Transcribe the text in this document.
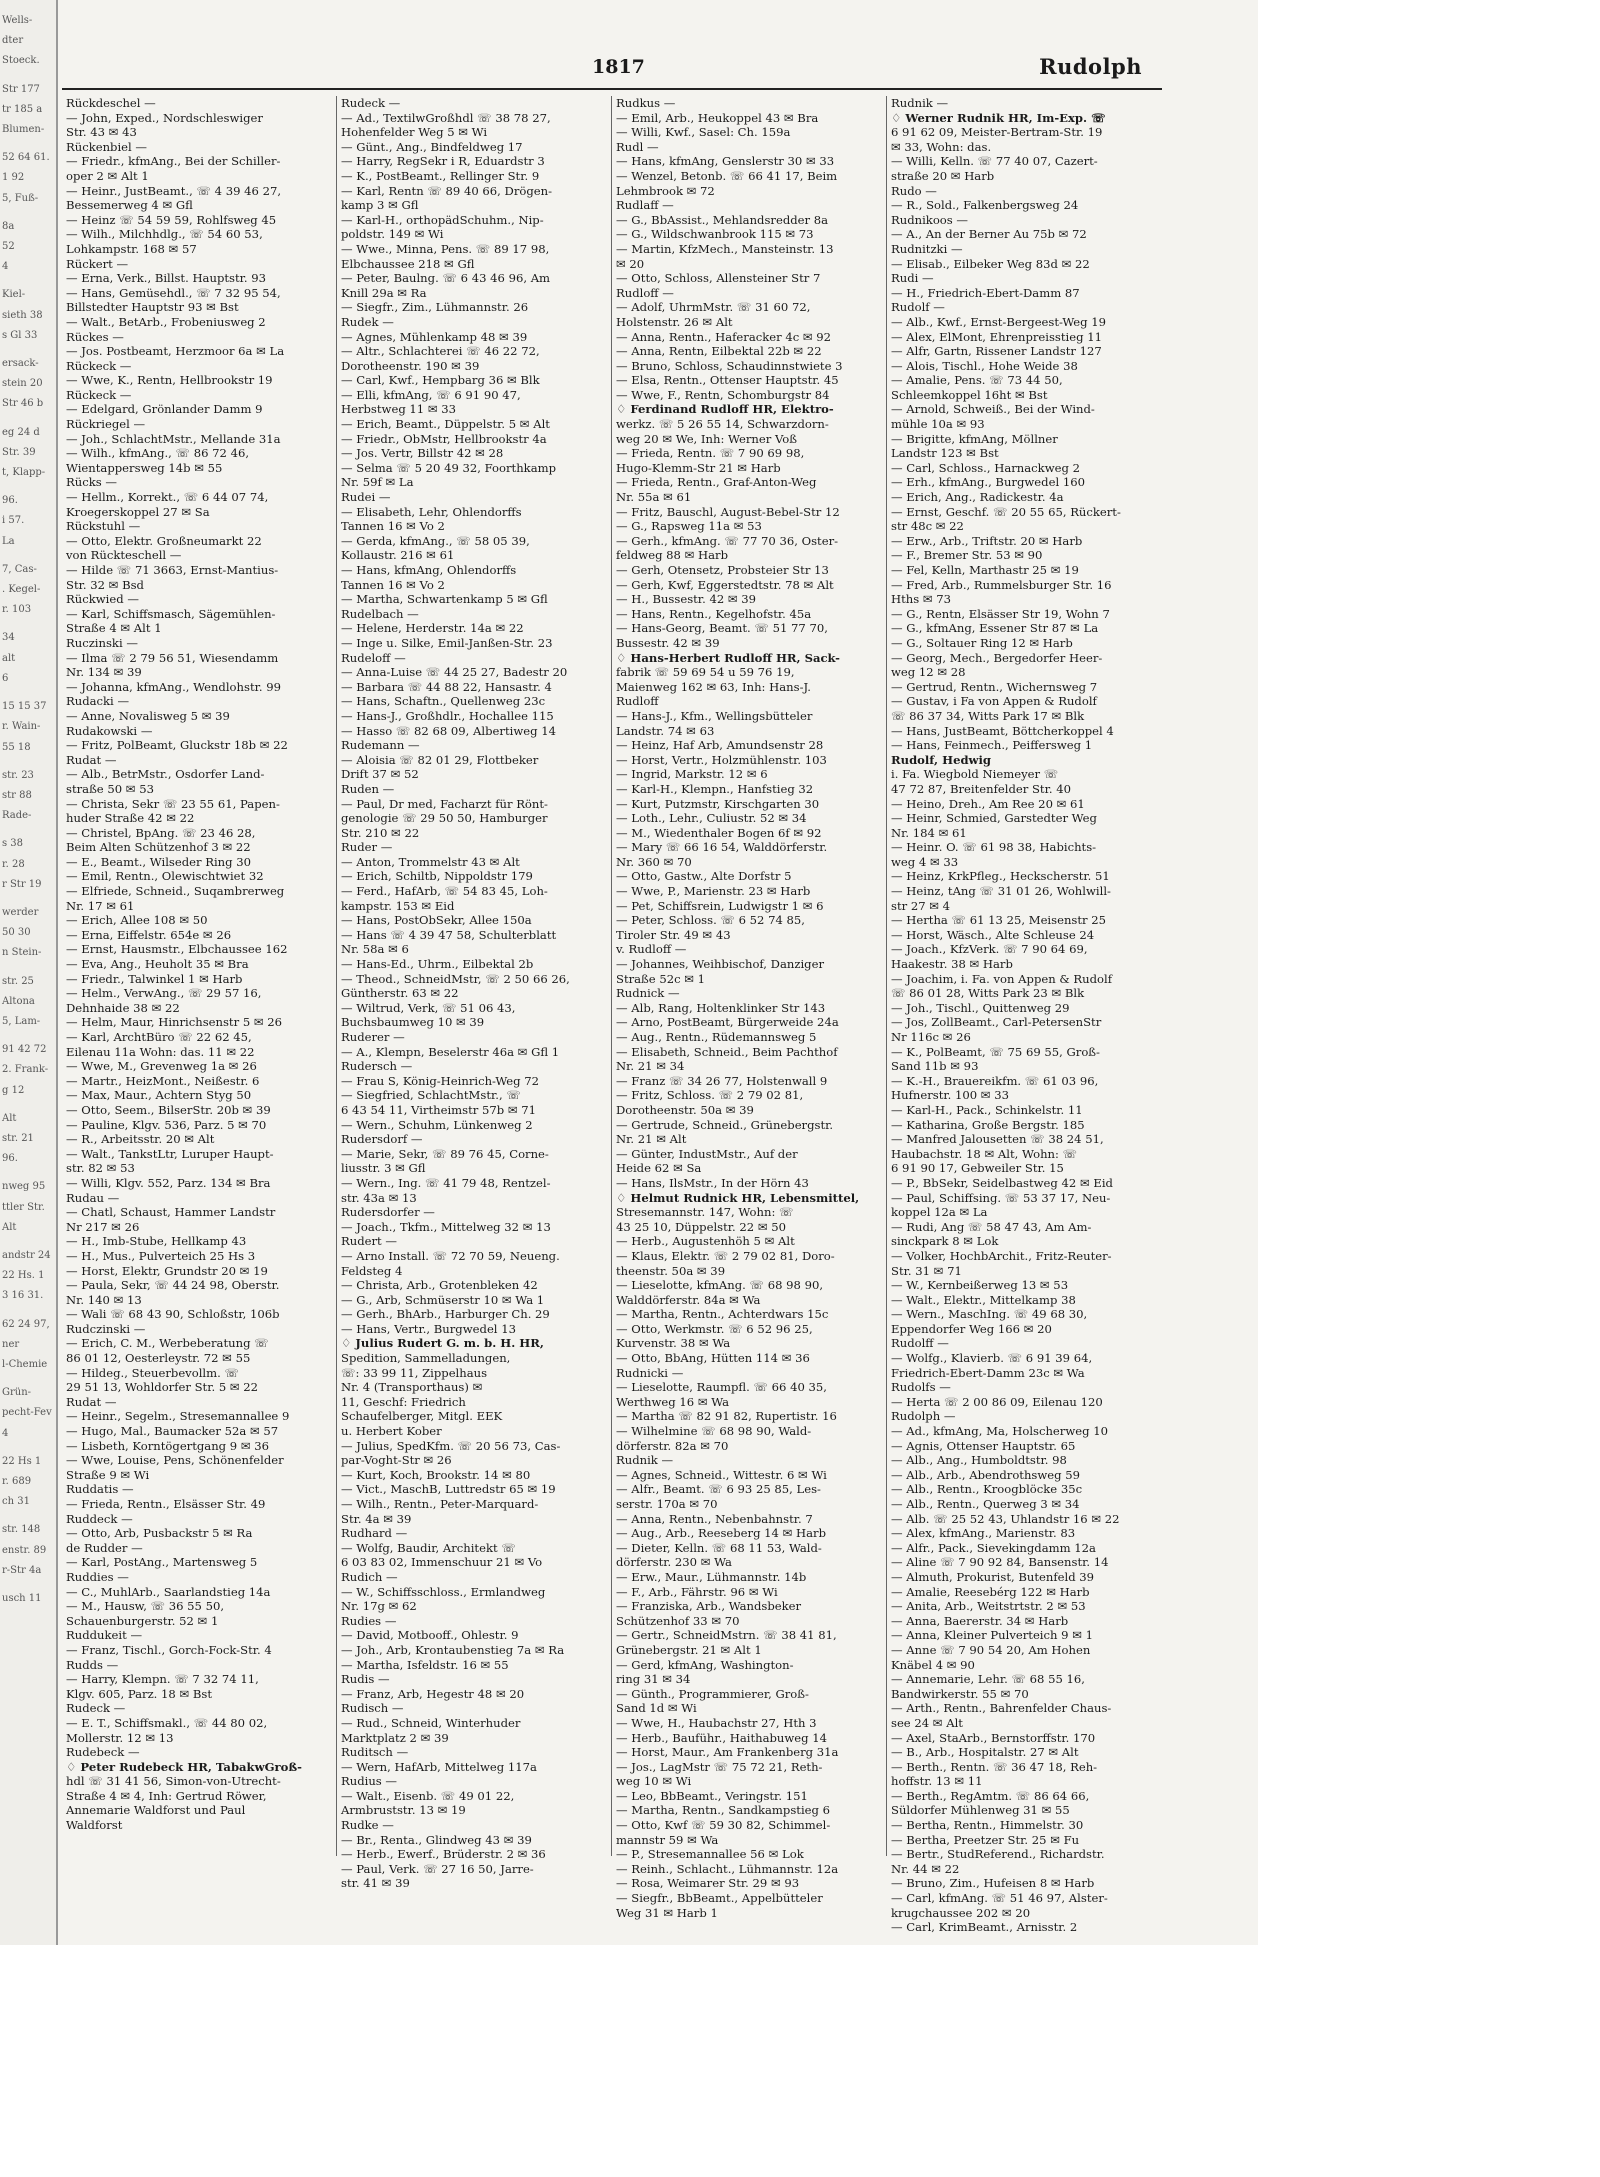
Wells-
dter
Stoeck.
Str 177
tr 185 a
Blumen-
52 64 61.
1 92
5, Fuß-
8a
52
4
Kiel-
sieth 38
s Gl 33
ersack-
stein 20
Str 46 b
eg 24 d
Str. 39
t, Klapp-
96.
i 57.
La
7, Cas-
. Kegel-
r. 103
34
alt
6
15 15 37
r. Wain-
55 18
str. 23
str 88
Rade-
s 38
r. 28
r Str 19
werder
50 30
n Stein-
str. 25
Altona
5, Lam-
91 42 72
2. Frank-
g 12
Alt
str. 21
96.
nweg 95
ttler Str.
Alt
andstr 24
22 Hs. 1
3 16 31.
62 24 97,
ner
l-Chemie
Grün-
pecht-Fev
4
22 Hs 1
r. 689
ch 31
str. 148
enstr. 89
r-Str 4a
usch 11
1817	Rudolph
Rückdeschel —
— John, Exped., Nordschleswiger
Str. 43 ✉ 43
Rückenbiel —
— Friedr., kfmAng., Bei der Schiller-
oper 2 ✉ Alt 1
— Heinr., JustBeamt., ☏ 4 39 46 27,
Bessemerweg 4 ✉ Gfl
— Heinz ☏ 54 59 59, Rohlfsweg 45
— Wilh., Milchhdlg., ☏ 54 60 53,
Lohkampstr. 168 ✉ 57
Rückert —
— Erna, Verk., Billst. Hauptstr. 93
— Hans, Gemüsehdl., ☏ 7 32 95 54,
Billstedter Hauptstr 93 ✉ Bst
— Walt., BetArb., Frobeniusweg 2
Rückes —
— Jos. Postbeamt, Herzmoor 6a ✉ La
Rückeck —
— Wwe, K., Rentn, Hellbrookstr 19
Rückeck —
— Edelgard, Grönlander Damm 9
Rückriegel —
— Joh., SchlachtMstr., Mellande 31a
— Wilh., kfmAng., ☏ 86 72 46,
Wientappersweg 14b ✉ 55
Rücks —
— Hellm., Korrekt., ☏ 6 44 07 74,
Kroegerskoppel 27 ✉ Sa
Rückstuhl —
— Otto, Elektr. Großneumarkt 22
von Rückteschell —
— Hilde ☏ 71 3663, Ernst-Mantius-
Str. 32 ✉ Bsd
Rückwied —
— Karl, Schiffsmasch, Sägemühlen-
Straße 4 ✉ Alt 1
Ruczinski —
— Ilma ☏ 2 79 56 51, Wiesendamm
Nr. 134 ✉ 39
— Johanna, kfmAng., Wendlohstr. 99
Rudacki —
— Anne, Novalisweg 5 ✉ 39
Rudakowski —
— Fritz, PolBeamt, Gluckstr 18b ✉ 22
Rudat —
— Alb., BetrMstr., Osdorfer Land-
straße 50 ✉ 53
— Christa, Sekr ☏ 23 55 61, Papen-
huder Straße 42 ✉ 22
— Christel, BpAng. ☏ 23 46 28,
Beim Alten Schützenhof 3 ✉ 22
— E., Beamt., Wilseder Ring 30
— Emil, Rentn., Olewischtwiet 32
— Elfriede, Schneid., Suqambrerweg
Nr. 17 ✉ 61
— Erich, Allee 108 ✉ 50
— Erna, Eiffelstr. 654e ✉ 26
— Ernst, Hausmstr., Elbchaussee 162
— Eva, Ang., Heuholt 35 ✉ Bra
— Friedr., Talwinkel 1 ✉ Harb
— Helm., VerwAng., ☏ 29 57 16,
Dehnhaide 38 ✉ 22
— Helm, Maur, Hinrichsenstr 5 ✉ 26
— Karl, ArchtBüro ☏ 22 62 45,
Eilenau 11a Wohn: das. 11 ✉ 22
— Wwe, M., Grevenweg 1a ✉ 26
— Martr., HeizMont., Neißestr. 6
— Max, Maur., Achtern Styg 50
— Otto, Seem., BilserStr. 20b ✉ 39
— Pauline, Klgv. 536, Parz. 5 ✉ 70
— R., Arbeitsstr. 20 ✉ Alt
— Walt., TankstLtr, Luruper Haupt-
str. 82 ✉ 53
— Willi, Klgv. 552, Parz. 134 ✉ Bra
Rudau —
— Chatl, Schaust, Hammer Landstr
Nr 217 ✉ 26
— H., Imb-Stube, Hellkamp 43
— H., Mus., Pulverteich 25 Hs 3
— Horst, Elektr, Grundstr 20 ✉ 19
— Paula, Sekr, ☏ 44 24 98, Oberstr.
Nr. 140 ✉ 13
— Wali ☏ 68 43 90, Schloßstr, 106b
Rudczinski —
— Erich, C. M., Werbeberatung ☏
86 01 12, Oesterleystr. 72 ✉ 55
— Hildeg., Steuerbevollm. ☏
29 51 13, Wohldorfer Str. 5 ✉ 22
Rudat —
— Heinr., Segelm., Stresemannallee 9
— Hugo, Mal., Baumacker 52a ✉ 57
— Lisbeth, Korntögertgang 9 ✉ 36
— Wwe, Louise, Pens, Schönenfelder
Straße 9 ✉ Wi
Ruddatis —
— Frieda, Rentn., Elsässer Str. 49
Ruddeck —
— Otto, Arb, Pusbackstr 5 ✉ Ra
de Rudder —
— Karl, PostAng., Martensweg 5
Ruddies —
— C., MuhlArb., Saarlandstieg 14a
— M., Hausw, ☏ 36 55 50,
Schauenburgerstr. 52 ✉ 1
Ruddukeit —
— Franz, Tischl., Gorch-Fock-Str. 4
Rudds —
— Harry, Klempn. ☏ 7 32 74 11,
Klgv. 605, Parz. 18 ✉ Bst
Rudeck —
— E. T., Schiffsmakl., ☏ 44 80 02,
Mollerstr. 12 ✉ 13
Rudebeck —
♢ Peter Rudebeck HR, TabakwGroß-
hdl ☏ 31 41 56, Simon-von-Utrecht-
Straße 4 ✉ 4, Inh: Gertrud Röwer,
Annemarie Waldforst und Paul
Waldforst
Rudeck —
— Ad., TextilwGroßhdl ☏ 38 78 27,
Hohenfelder Weg 5 ✉ Wi
— Günt., Ang., Bindfeldweg 17
— Harry, RegSekr i R, Eduardstr 3
— K., PostBeamt., Rellinger Str. 9
— Karl, Rentn ☏ 89 40 66, Drögen-
kamp 3 ✉ Gfl
— Karl-H., orthopädSchuhm., Nip-
poldstr. 149 ✉ Wi
— Wwe., Minna, Pens. ☏ 89 17 98,
Elbchaussee 218 ✉ Gfl
— Peter, Baulng. ☏ 6 43 46 96, Am
Knill 29a ✉ Ra
— Siegfr., Zim., Lühmannstr. 26
Rudek —
— Agnes, Mühlenkamp 48 ✉ 39
— Altr., Schlachterei ☏ 46 22 72,
Dorotheenstr. 190 ✉ 39
— Carl, Kwf., Hempbarg 36 ✉ Blk
— Elli, kfmAng, ☏ 6 91 90 47,
Herbstweg 11 ✉ 33
— Erich, Beamt., Düppelstr. 5 ✉ Alt
— Friedr., ObMstr, Hellbrookstr 4a
— Jos. Vertr, Billstr 42 ✉ 28
— Selma ☏ 5 20 49 32, Foorthkamp
Nr. 59f ✉ La
Rudei —
— Elisabeth, Lehr, Ohlendorffs
Tannen 16 ✉ Vo 2
— Gerda, kfmAng., ☏ 58 05 39,
Kollaustr. 216 ✉ 61
— Hans, kfmAng, Ohlendorffs
Tannen 16 ✉ Vo 2
— Martha, Schwartenkamp 5 ✉ Gfl
Rudelbach —
— Helene, Herderstr. 14a ✉ 22
— Inge u. Silke, Emil-Janßen-Str. 23
Rudeloff —
— Anna-Luise ☏ 44 25 27, Badestr 20
— Barbara ☏ 44 88 22, Hansastr. 4
— Hans, Schaftn., Quellenweg 23c
— Hans-J., Großhdlr., Hochallee 115
— Hasso ☏ 82 68 09, Albertiweg 14
Rudemann —
— Aloisia ☏ 82 01 29, Flottbeker
Drift 37 ✉ 52
Ruden —
— Paul, Dr med, Facharzt für Rönt-
genologie ☏ 29 50 50, Hamburger
Str. 210 ✉ 22
Ruder —
— Anton, Trommelstr 43 ✉ Alt
— Erich, Schiltb, Nippoldstr 179
— Ferd., HafArb, ☏ 54 83 45, Loh-
kampstr. 153 ✉ Eid
— Hans, PostObSekr, Allee 150a
— Hans ☏ 4 39 47 58, Schulterblatt
Nr. 58a ✉ 6
— Hans-Ed., Uhrm., Eilbektal 2b
— Theod., SchneidMstr, ☏ 2 50 66 26,
Güntherstr. 63 ✉ 22
— Wiltrud, Verk, ☏ 51 06 43,
Buchsbaumweg 10 ✉ 39
Ruderer —
— A., Klempn, Beselerstr 46a ✉ Gfl 1
Rudersch —
— Frau S, König-Heinrich-Weg 72
— Siegfried, SchlachtMstr., ☏
6 43 54 11, Virtheimstr 57b ✉ 71
— Wern., Schuhm, Lünkenweg 2
Rudersdorf —
— Marie, Sekr, ☏ 89 76 45, Corne-
liusstr. 3 ✉ Gfl
— Wern., Ing. ☏ 41 79 48, Rentzel-
str. 43a ✉ 13
Rudersdorfer —
— Joach., Tkfm., Mittelweg 32 ✉ 13
Rudert —
— Arno Install. ☏ 72 70 59, Neueng.
Feldsteg 4
— Christa, Arb., Grotenbleken 42
— G., Arb, Schmüserstr 10 ✉ Wa 1
— Gerh., BhArb., Harburger Ch. 29
— Hans, Vertr., Burgwedel 13
♢ Julius Rudert G. m. b. H. HR,
Spedition, Sammelladungen,
☏: 33 99 11, Zippelhaus
Nr. 4 (Transporthaus) ✉
11, Geschf: Friedrich
Schaufelberger, Mitgl. EEK
u. Herbert Kober
— Julius, SpedKfm. ☏ 20 56 73, Cas-
par-Voght-Str ✉ 26
— Kurt, Koch, Brookstr. 14 ✉ 80
— Vict., MaschB, Luttredstr 65 ✉ 19
— Wilh., Rentn., Peter-Marquard-
Str. 4a ✉ 39
Rudhard —
— Wolfg, Baudir, Architekt ☏
6 03 83 02, Immenschuur 21 ✉ Vo
Rudich —
— W., Schiffsschloss., Ermlandweg
Nr. 17g ✉ 62
Rudies —
— David, Motbooff., Ohlestr. 9
— Joh., Arb, Krontaubenstieg 7a ✉ Ra
— Martha, Isfeldstr. 16 ✉ 55
Rudis —
— Franz, Arb, Hegestr 48 ✉ 20
Rudisch —
— Rud., Schneid, Winterhuder
Marktplatz 2 ✉ 39
Ruditsch —
— Wern, HafArb, Mittelweg 117a
Rudius —
— Walt., Eisenb. ☏ 49 01 22,
Armbruststr. 13 ✉ 19
Rudke —
— Br., Renta., Glindweg 43 ✉ 39
— Herb., Ewerf., Brüderstr. 2 ✉ 36
— Paul, Verk. ☏ 27 16 50, Jarre-
str. 41 ✉ 39
Rudkus —
— Emil, Arb., Heukoppel 43 ✉ Bra
— Willi, Kwf., Sasel: Ch. 159a
Rudl —
— Hans, kfmAng, Genslerstr 30 ✉ 33
— Wenzel, Betonb. ☏ 66 41 17, Beim
Lehmbrook ✉ 72
Rudlaff —
— G., BbAssist., Mehlandsredder 8a
— G., Wildschwanbrook 115 ✉ 73
— Martin, KfzMech., Mansteinstr. 13
✉ 20
— Otto, Schloss, Allensteiner Str 7
Rudloff —
— Adolf, UhrmMstr. ☏ 31 60 72,
Holstenstr. 26 ✉ Alt
— Anna, Rentn., Haferacker 4c ✉ 92
— Anna, Rentn, Eilbektal 22b ✉ 22
— Bruno, Schloss, Schaudinnstwiete 3
— Elsa, Rentn., Ottenser Hauptstr. 45
— Wwe, F., Rentn, Schomburgstr 84
♢ Ferdinand Rudloff HR, Elektro-
werkz. ☏ 5 26 55 14, Schwarzdorn-
weg 20 ✉ We, Inh: Werner Voß
— Frieda, Rentn. ☏ 7 90 69 98,
Hugo-Klemm-Str 21 ✉ Harb
— Frieda, Rentn., Graf-Anton-Weg
Nr. 55a ✉ 61
— Fritz, Bauschl, August-Bebel-Str 12
— G., Rapsweg 11a ✉ 53
— Gerh., kfmAng. ☏ 77 70 36, Oster-
feldweg 88 ✉ Harb
— Gerh, Otensetz, Probsteier Str 13
— Gerh, Kwf, Eggerstedtstr. 78 ✉ Alt
— H., Bussestr. 42 ✉ 39
— Hans, Rentn., Kegelhofstr. 45a
— Hans-Georg, Beamt. ☏ 51 77 70,
Bussestr. 42 ✉ 39
♢ Hans-Herbert Rudloff HR, Sack-
fabrik ☏ 59 69 54 u 59 76 19,
Maienweg 162 ✉ 63, Inh: Hans-J.
Rudloff
— Hans-J., Kfm., Wellingsbütteler
Landstr. 74 ✉ 63
— Heinz, Haf Arb, Amundsenstr 28
— Horst, Vertr., Holzmühlenstr. 103
— Ingrid, Markstr. 12 ✉ 6
— Karl-H., Klempn., Hanfstieg 32
— Kurt, Putzmstr, Kirschgarten 30
— Loth., Lehr., Culiustr. 52 ✉ 34
— M., Wiedenthaler Bogen 6f ✉ 92
— Mary ☏ 66 16 54, Walddörferstr.
Nr. 360 ✉ 70
— Otto, Gastw., Alte Dorfstr 5
— Wwe, P., Marienstr. 23 ✉ Harb
— Pet, Schiffsrein, Ludwigstr 1 ✉ 6
— Peter, Schloss. ☏ 6 52 74 85,
Tiroler Str. 49 ✉ 43
v. Rudloff —
— Johannes, Weihbischof, Danziger
Straße 52c ✉ 1
Rudnick —
— Alb, Rang, Holtenklinker Str 143
— Arno, PostBeamt, Bürgerweide 24a
— Aug., Rentn., Rüdemannsweg 5
— Elisabeth, Schneid., Beim Pachthof
Nr. 21 ✉ 34
— Franz ☏ 34 26 77, Holstenwall 9
— Fritz, Schloss. ☏ 2 79 02 81,
Dorotheenstr. 50a ✉ 39
— Gertrude, Schneid., Grünebergstr.
Nr. 21 ✉ Alt
— Günter, IndustMstr., Auf der
Heide 62 ✉ Sa
— Hans, IlsMstr., In der Hörn 43
♢ Helmut Rudnick HR, Lebensmittel,
Stresemannstr. 147, Wohn: ☏
43 25 10, Düppelstr. 22 ✉ 50
— Herb., Augustenhöh 5 ✉ Alt
— Klaus, Elektr. ☏ 2 79 02 81, Doro-
theenstr. 50a ✉ 39
— Lieselotte, kfmAng. ☏ 68 98 90,
Walddörferstr. 84a ✉ Wa
— Martha, Rentn., Achterdwars 15c
— Otto, Werkmstr. ☏ 6 52 96 25,
Kurvenstr. 38 ✉ Wa
— Otto, BbAng, Hütten 114 ✉ 36
Rudnicki —
— Lieselotte, Raumpfl. ☏ 66 40 35,
Werthweg 16 ✉ Wa
— Martha ☏ 82 91 82, Rupertistr. 16
— Wilhelmine ☏ 68 98 90, Wald-
dörferstr. 82a ✉ 70
Rudnik —
— Agnes, Schneid., Wittestr. 6 ✉ Wi
— Alfr., Beamt. ☏ 6 93 25 85, Les-
serstr. 170a ✉ 70
— Anna, Rentn., Nebenbahnstr. 7
— Aug., Arb., Reeseberg 14 ✉ Harb
— Dieter, Kelln. ☏ 68 11 53, Wald-
dörferstr. 230 ✉ Wa
— Erw., Maur., Lühmannstr. 14b
— F., Arb., Fährstr. 96 ✉ Wi
— Franziska, Arb., Wandsbeker
Schützenhof 33 ✉ 70
— Gertr., SchneidMstrn. ☏ 38 41 81,
Grünebergstr. 21 ✉ Alt 1
— Gerd, kfmAng, Washington-
ring 31 ✉ 34
— Günth., Programmierer, Groß-
Sand 1d ✉ Wi
— Wwe, H., Haubachstr 27, Hth 3
— Herb., Bauführ., Haithabuweg 14
— Horst, Maur., Am Frankenberg 31a
— Jos., LagMstr ☏ 75 72 21, Reth-
weg 10 ✉ Wi
— Leo, BbBeamt., Veringstr. 151
— Martha, Rentn., Sandkampstieg 6
— Otto, Kwf ☏ 59 30 82, Schimmel-
mannstr 59 ✉ Wa
— P., Stresemannallee 56 ✉ Lok
— Reinh., Schlacht., Lühmannstr. 12a
— Rosa, Weimarer Str. 29 ✉ 93
— Siegfr., BbBeamt., Appelbütteler
Weg 31 ✉ Harb 1
Rudnik —
♢ Werner Rudnik HR, Im-Exp. ☏
6 91 62 09, Meister-Bertram-Str. 19
✉ 33, Wohn: das.
— Willi, Kelln. ☏ 77 40 07, Cazert-
straße 20 ✉ Harb
Rudo —
— R., Sold., Falkenbergsweg 24
Rudnikoos —
— A., An der Berner Au 75b ✉ 72
Rudnitzki —
— Elisab., Eilbeker Weg 83d ✉ 22
Rudi —
— H., Friedrich-Ebert-Damm 87
Rudolf —
— Alb., Kwf., Ernst-Bergeest-Weg 19
— Alex, ElMont, Ehrenpreisstieg 11
— Alfr, Gartn, Rissener Landstr 127
— Alois, Tischl., Hohe Weide 38
— Amalie, Pens. ☏ 73 44 50,
Schleemkoppel 16ht ✉ Bst
— Arnold, Schweiß., Bei der Wind-
mühle 10a ✉ 93
— Brigitte, kfmAng, Möllner
Landstr 123 ✉ Bst
— Carl, Schloss., Harnackweg 2
— Erh., kfmAng., Burgwedel 160
— Erich, Ang., Radickestr. 4a
— Ernst, Geschf. ☏ 20 55 65, Rückert-
str 48c ✉ 22
— Erw., Arb., Triftstr. 20 ✉ Harb
— F., Bremer Str. 53 ✉ 90
— Fel, Kelln, Marthastr 25 ✉ 19
— Fred, Arb., Rummelsburger Str. 16
Hths ✉ 73
— G., Rentn, Elsässer Str 19, Wohn 7
— G., kfmAng, Essener Str 87 ✉ La
— G., Soltauer Ring 12 ✉ Harb
— Georg, Mech., Bergedorfer Heer-
weg 12 ✉ 28
— Gertrud, Rentn., Wichernsweg 7
— Gustav, i Fa von Appen & Rudolf
☏ 86 37 34, Witts Park 17 ✉ Blk
— Hans, JustBeamt, Böttcherkoppel 4
— Hans, Feinmech., Peiffersweg 1
Rudolf, Hedwig
i. Fa. Wiegbold Niemeyer ☏
47 72 87, Breitenfelder Str. 40
— Heino, Dreh., Am Ree 20 ✉ 61
— Heinr, Schmied, Garstedter Weg
Nr. 184 ✉ 61
— Heinr. O. ☏ 61 98 38, Habichts-
weg 4 ✉ 33
— Heinz, KrkPfleg., Heckscherstr. 51
— Heinz, tAng ☏ 31 01 26, Wohlwill-
str 27 ✉ 4
— Hertha ☏ 61 13 25, Meisenstr 25
— Horst, Wäsch., Alte Schleuse 24
— Joach., KfzVerk. ☏ 7 90 64 69,
Haakestr. 38 ✉ Harb
— Joachim, i. Fa. von Appen & Rudolf
☏ 86 01 28, Witts Park 23 ✉ Blk
— Joh., Tischl., Quittenweg 29
— Jos, ZollBeamt., Carl-PetersenStr
Nr 116c ✉ 26
— K., PolBeamt, ☏ 75 69 55, Groß-
Sand 11b ✉ 93
— K.-H., Brauereikfm. ☏ 61 03 96,
Hufnerstr. 100 ✉ 33
— Karl-H., Pack., Schinkelstr. 11
— Katharina, Große Bergstr. 185
— Manfred Jalousetten ☏ 38 24 51,
Haubachstr. 18 ✉ Alt, Wohn: ☏
6 91 90 17, Gebweiler Str. 15
— P., BbSekr, Seidelbastweg 42 ✉ Eid
— Paul, Schiffsing. ☏ 53 37 17, Neu-
koppel 12a ✉ La
— Rudi, Ang ☏ 58 47 43, Am Am-
sinckpark 8 ✉ Lok
— Volker, HochbArchit., Fritz-Reuter-
Str. 31 ✉ 71
— W., Kernbeißerweg 13 ✉ 53
— Walt., Elektr., Mittelkamp 38
— Wern., MaschIng. ☏ 49 68 30,
Eppendorfer Weg 166 ✉ 20
Rudolff —
— Wolfg., Klavierb. ☏ 6 91 39 64,
Friedrich-Ebert-Damm 23c ✉ Wa
Rudolfs —
— Herta ☏ 2 00 86 09, Eilenau 120
Rudolph —
— Ad., kfmAng, Ma, Holscherweg 10
— Agnis, Ottenser Hauptstr. 65
— Alb., Ang., Humboldtstr. 98
— Alb., Arb., Abendrothsweg 59
— Alb., Rentn., Kroogblöcke 35c
— Alb., Rentn., Querweg 3 ✉ 34
— Alb. ☏ 25 52 43, Uhlandstr 16 ✉ 22
— Alex, kfmAng., Marienstr. 83
— Alfr., Pack., Sievekingdamm 12a
— Aline ☏ 7 90 92 84, Bansenstr. 14
— Almuth, Prokurist, Butenfeld 39
— Amalie, Reesebérg 122 ✉ Harb
— Anita, Arb., Weitstrtstr. 2 ✉ 53
— Anna, Baererstr. 34 ✉ Harb
— Anna, Kleiner Pulverteich 9 ✉ 1
— Anne ☏ 7 90 54 20, Am Hohen
Knäbel 4 ✉ 90
— Annemarie, Lehr. ☏ 68 55 16,
Bandwirkerstr. 55 ✉ 70
— Arth., Rentn., Bahrenfelder Chaus-
see 24 ✉ Alt
— Axel, StaArb., Bernstorffstr. 170
— B., Arb., Hospitalstr. 27 ✉ Alt
— Berth., Rentn. ☏ 36 47 18, Reh-
hoffstr. 13 ✉ 11
— Berth., RegAmtm. ☏ 86 64 66,
Süldorfer Mühlenweg 31 ✉ 55
— Bertha, Rentn., Himmelstr. 30
— Bertha, Preetzer Str. 25 ✉ Fu
— Bertr., StudReferend., Richardstr.
Nr. 44 ✉ 22
— Bruno, Zim., Hufeisen 8 ✉ Harb
— Carl, kfmAng. ☏ 51 46 97, Alster-
krugchaussee 202 ✉ 20
— Carl, KrimBeamt., Arnisstr. 2
